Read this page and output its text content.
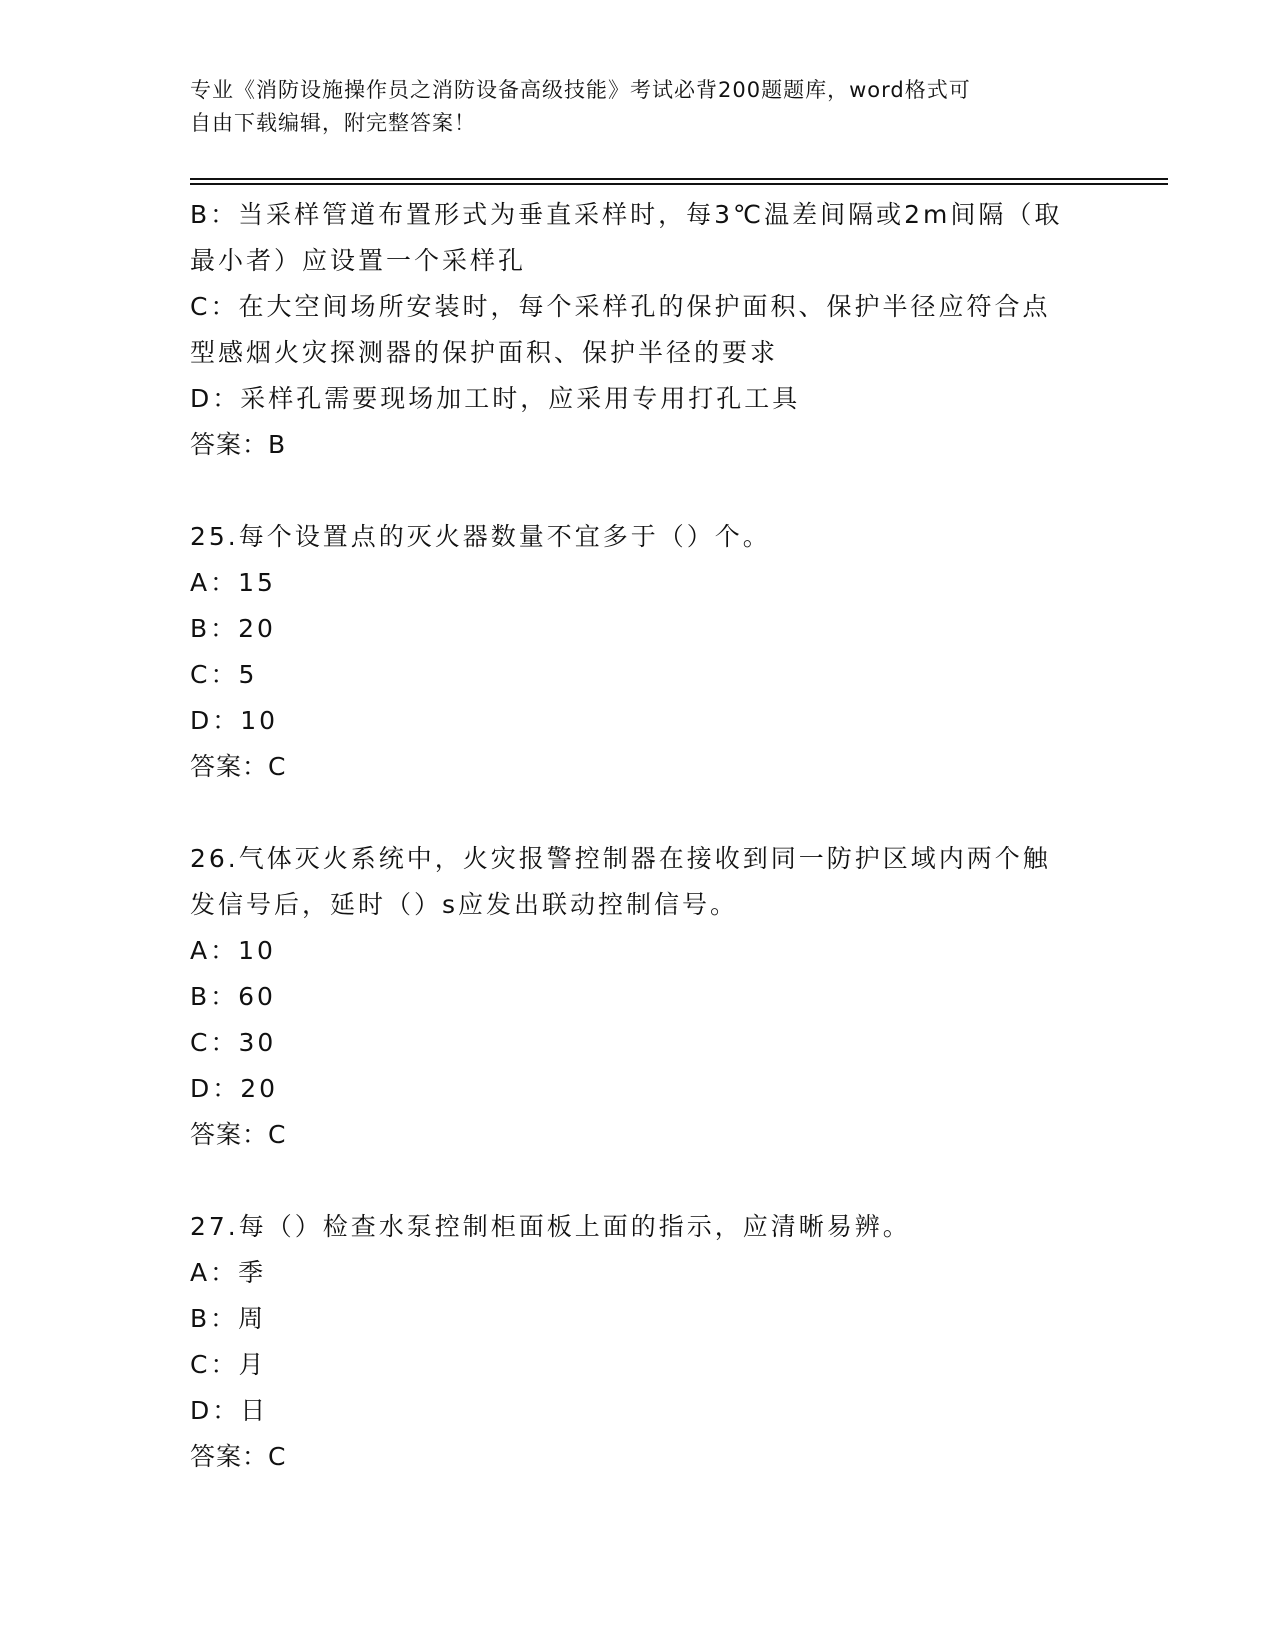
专业《消防设施操作员之消防设备高级技能》考试必背200题题库，word格式可
自由下载编辑，附完整答案！
B：当采样管道布置形式为垂直采样时，每3℃温差间隔或2m间隔（取
最小者）应设置一个采样孔
C：在大空间场所安装时，每个采样孔的保护面积、保护半径应符合点
型感烟火灾探测器的保护面积、保护半径的要求
D：采样孔需要现场加工时，应采用专用打孔工具
答案：B
25.每个设置点的灭火器数量不宜多于（）个。
A：15
B：20
C：5
D：10
答案：C
26.气体灭火系统中，火灾报警控制器在接收到同一防护区域内两个触
发信号后，延时（）s应发出联动控制信号。
A：10
B：60
C：30
D：20
答案：C
27.每（）检查水泵控制柜面板上面的指示，应清晰易辨。
A：季
B：周
C：月
D：日
答案：C
